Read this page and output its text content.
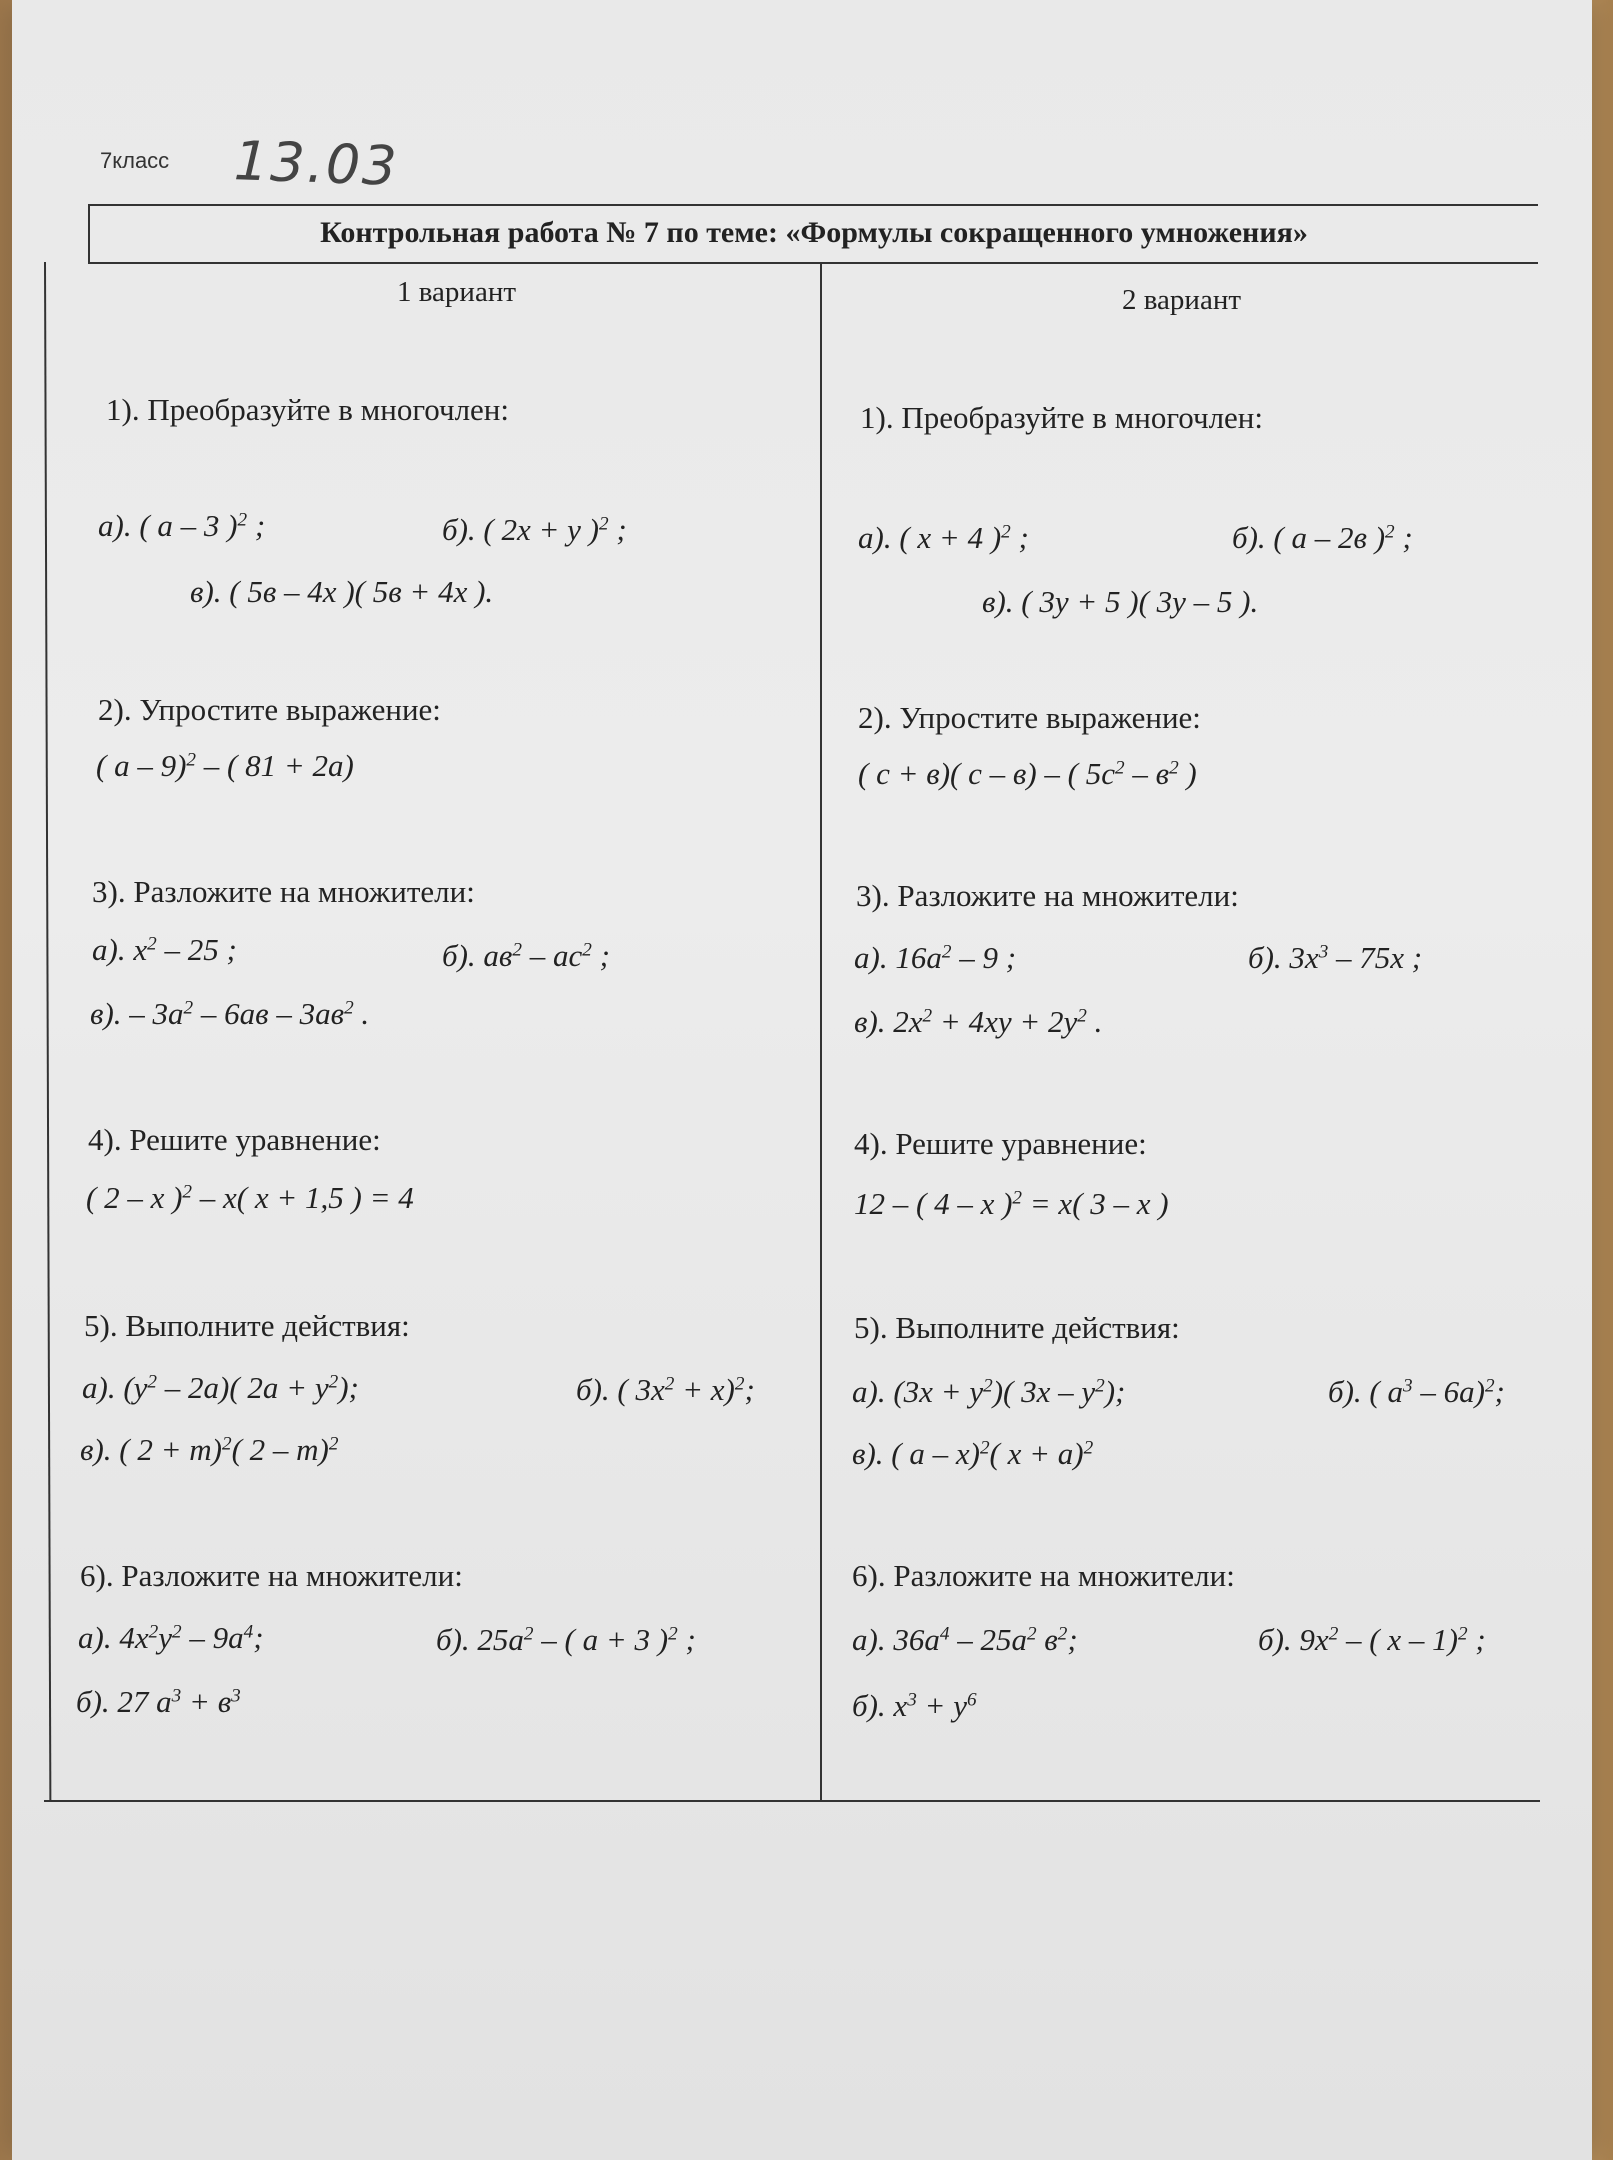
7класс 13.03
Контрольная работа № 7 по теме: «Формулы сокращенного умножения»
1 вариант
1). Преобразуйте в многочлен:
а). ( а – 3 )$^2$ ;	б). ( 2х + у )$^2$ ;
в). ( 5в – 4х )( 5в + 4х ).
2). Упростите выражение:
( а – 9)$^2$ – ( 81 + 2а)
3). Разложите на множители:
а). $х^2 - 25$ ;	б). $ав^2 - ас^2$ ;
в). – $3а^2 - 6ав - 3ав^2$ .
4). Решите уравнение:
( 2 – х )$^2$ – х( х + 1,5 ) = 4
5). Выполните действия:
а). $(у^2 - 2а)$( $2а + у^2$);	б). ( $3х^2 + х)^2$;
в). ( 2 + m)$^2$( 2 – m)$^2$
6). Разложите на множители:
а). $4х^2у^2 - 9а^4$;	б). $25а^2$ – ( а + 3 )$^2$ ;
б). 27 $а^3 + в^3$
2 вариант
1). Преобразуйте в многочлен:
а). ( х + 4 )$^2$ ;	б). ( а – 2в )$^2$ ;
в). ( 3у + 5 )( 3у – 5 ).
2). Упростите выражение:
( с + в)( с – в) – ( $5с^2 - в^2$ )
3). Разложите на множители:
а). $16а^2 - 9$ ;	б). $3х^3 - 75х$ ;
в). $2х^2 + 4ху + 2у^2$ .
4). Решите уравнение:
12 – ( 4 – х )$^2$ = х( 3 – х )
5). Выполните действия:
а). $(3х + у^2)$( $3х - у^2$);	б). ( $а^3 - 6а)^2$;
в). ( а – х)$^2$( х + а)$^2$
6). Разложите на множители:
а). $36а^4 - 25а^2$ $в^2$;	б). $9х^2$ – ( х – 1)$^2$ ;
б). $х^3 + у^6$
